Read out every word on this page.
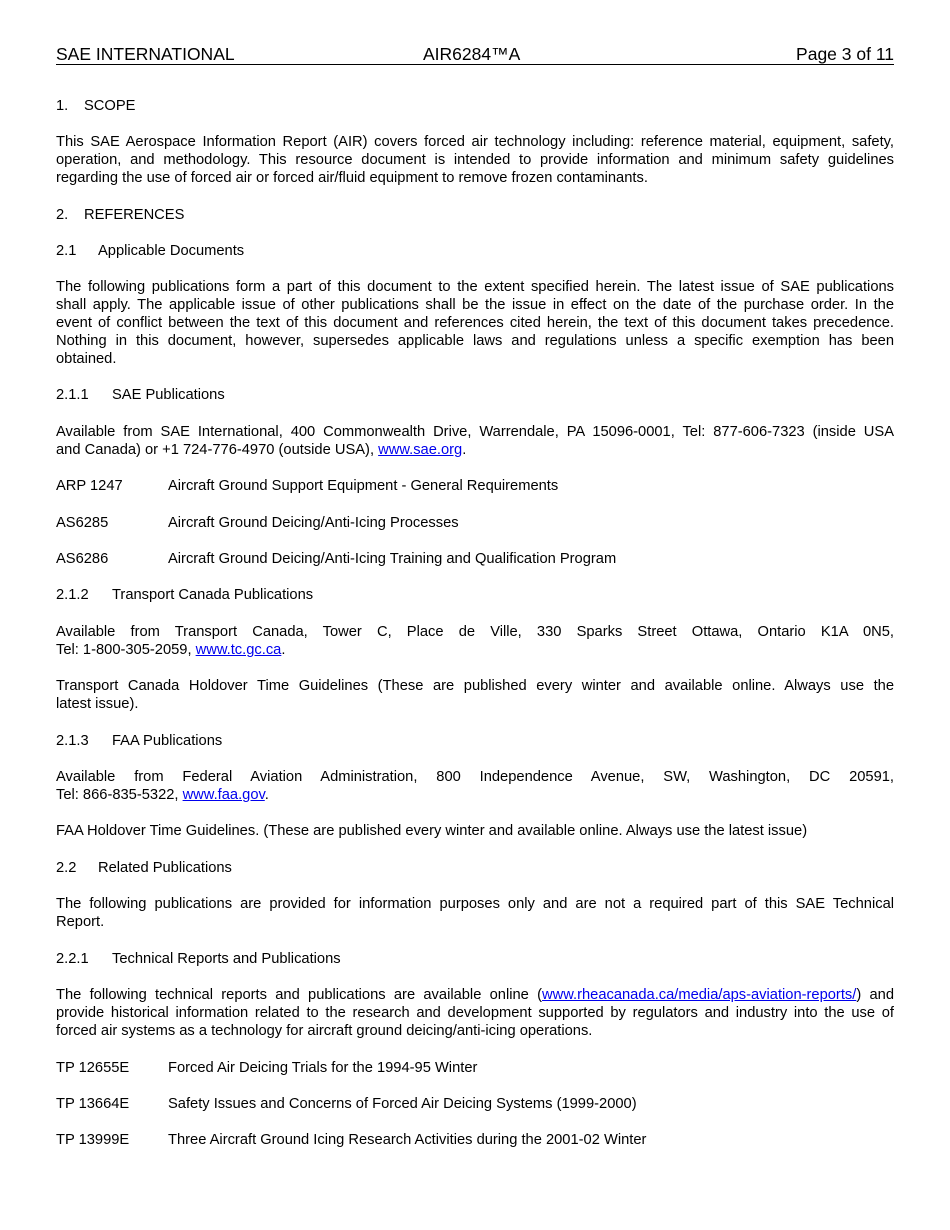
SAE INTERNATIONAL	AIR6284™A	Page 3 of 11
1. SCOPE
This SAE Aerospace Information Report (AIR) covers forced air technology including: reference material, equipment, safety,
operation, and methodology. This resource document is intended to provide information and minimum safety guidelines
regarding the use of forced air or forced air/fluid equipment to remove frozen contaminants.
2. REFERENCES
2.1 Applicable Documents
The following publications form a part of this document to the extent specified herein. The latest issue of SAE publications
shall apply. The applicable issue of other publications shall be the issue in effect on the date of the purchase order. In the
event of conflict between the text of this document and references cited herein, the text of this document takes precedence.
Nothing in this document, however, supersedes applicable laws and regulations unless a specific exemption has been
obtained.
2.1.1 SAE Publications
Available from SAE International, 400 Commonwealth Drive, Warrendale, PA 15096-0001, Tel: 877-606-7323 (inside USA
and Canada) or +1 724-776-4970 (outside USA), www.sae.org.
ARP 1247	Aircraft Ground Support Equipment - General Requirements
AS6285	Aircraft Ground Deicing/Anti-Icing Processes
AS6286	Aircraft Ground Deicing/Anti-Icing Training and Qualification Program
2.1.2 Transport Canada Publications
Available from Transport Canada, Tower C, Place de Ville, 330 Sparks Street Ottawa, Ontario K1A 0N5,
Tel: 1-800-305-2059, www.tc.gc.ca.
Transport Canada Holdover Time Guidelines (These are published every winter and available online. Always use the
latest issue).
2.1.3 FAA Publications
Available from Federal Aviation Administration, 800 Independence Avenue, SW, Washington, DC 20591,
Tel: 866-835-5322, www.faa.gov.
FAA Holdover Time Guidelines. (These are published every winter and available online. Always use the latest issue)
2.2 Related Publications
The following publications are provided for information purposes only and are not a required part of this SAE Technical
Report.
2.2.1 Technical Reports and Publications
The following technical reports and publications are available online (www.rheacanada.ca/media/aps-aviation-reports/) and
provide historical information related to the research and development supported by regulators and industry into the use of
forced air systems as a technology for aircraft ground deicing/anti-icing operations.
TP 12655E	Forced Air Deicing Trials for the 1994-95 Winter
TP 13664E	Safety Issues and Concerns of Forced Air Deicing Systems (1999-2000)
TP 13999E	Three Aircraft Ground Icing Research Activities during the 2001-02 Winter
